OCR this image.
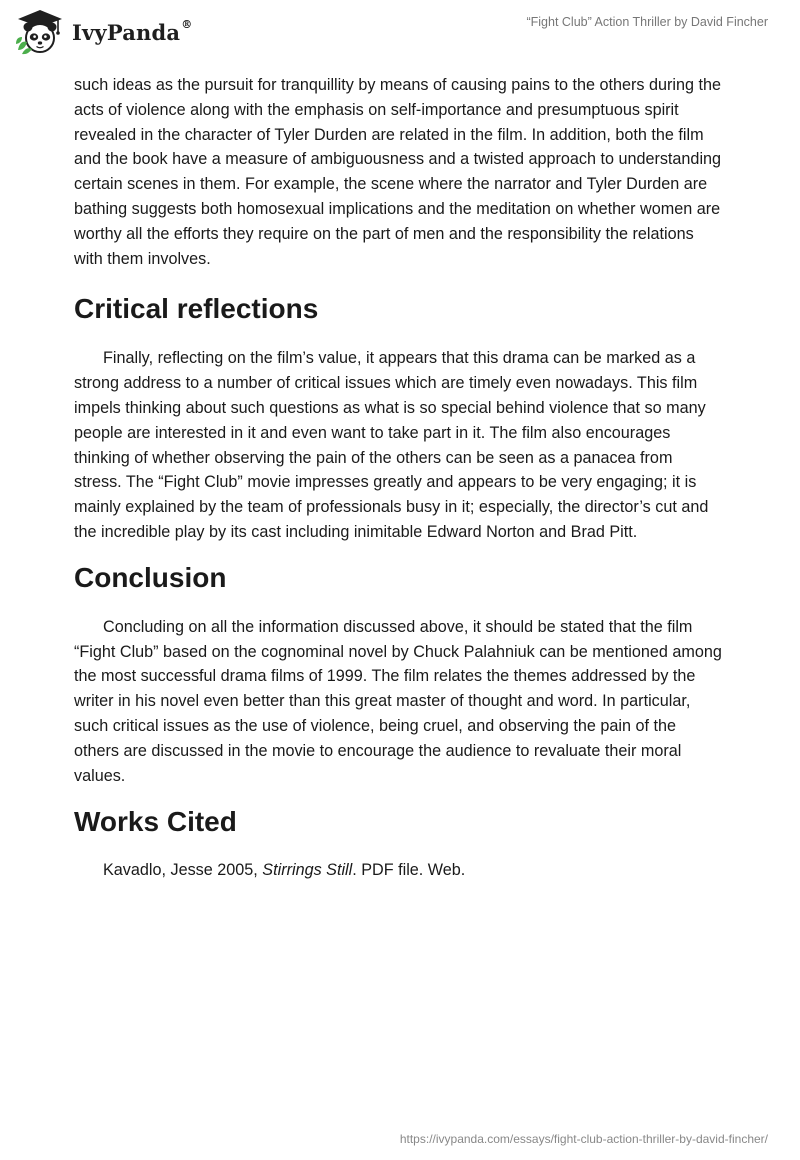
IvyPanda®	“Fight Club” Action Thriller by David Fincher

such ideas as the pursuit for tranquillity by means of causing pains to the others during the acts of violence along with the emphasis on self-importance and presumptuous spirit revealed in the character of Tyler Durden are related in the film. In addition, both the film and the book have a measure of ambiguousness and a twisted approach to understanding certain scenes in them. For example, the scene where the narrator and Tyler Durden are bathing suggests both homosexual implications and the meditation on whether women are worthy all the efforts they require on the part of men and the responsibility the relations with them involves.

Critical reflections

Finally, reflecting on the film’s value, it appears that this drama can be marked as a strong address to a number of critical issues which are timely even nowadays. This film impels thinking about such questions as what is so special behind violence that so many people are interested in it and even want to take part in it. The film also encourages thinking of whether observing the pain of the others can be seen as a panacea from stress. The “Fight Club” movie impresses greatly and appears to be very engaging; it is mainly explained by the team of professionals busy in it; especially, the director’s cut and the incredible play by its cast including inimitable Edward Norton and Brad Pitt.

Conclusion

Concluding on all the information discussed above, it should be stated that the film “Fight Club” based on the cognominal novel by Chuck Palahniuk can be mentioned among the most successful drama films of 1999. The film relates the themes addressed by the writer in his novel even better than this great master of thought and word. In particular, such critical issues as the use of violence, being cruel, and observing the pain of the others are discussed in the movie to encourage the audience to revaluate their moral values.

Works Cited

Kavadlo, Jesse 2005, Stirrings Still. PDF file. Web.

https://ivypanda.com/essays/fight-club-action-thriller-by-david-fincher/
